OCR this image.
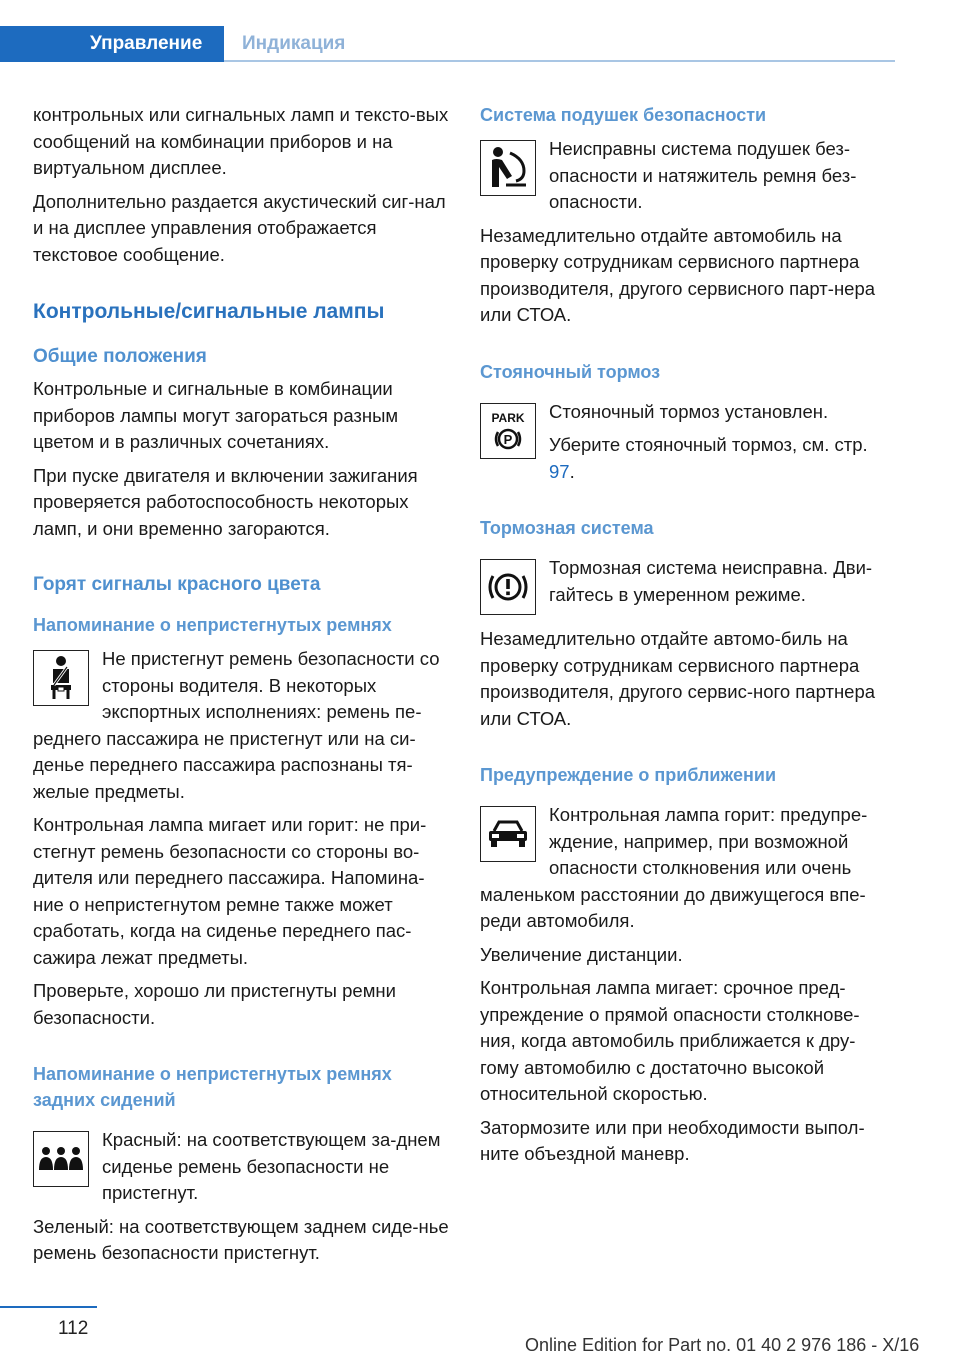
Управление	Индикация

контрольных или сигнальных ламп и тексто-вых сообщений на комбинации приборов и на виртуальном дисплее.

Дополнительно раздается акустический сиг-нал и на дисплее управления отображается текстовое сообщение.

Контрольные/сигнальные лампы
Общие положения

Контрольные и сигнальные в комбинации приборов лампы могут загораться разным цветом и в различных сочетаниях.

При пуске двигателя и включении зажигания проверяется работоспособность некоторых ламп, и они временно загораются.

Горят сигналы красного цвета
Напоминание о непристегнутых ремнях

Не пристегнут ремень безопасности со стороны водителя. В некоторых экспортных исполнениях: ремень пе-реднего пассажира не пристегнут или на си-денье переднего пассажира распознаны тя-желые предметы.

Контрольная лампа мигает или горит: не при-стегнут ремень безопасности со стороны во-дителя или переднего пассажира. Напомина-ние о непристегнутом ремне также может сработать, когда на сиденье переднего пас-сажира лежат предметы.

Проверьте, хорошо ли пристегнуты ремни безопасности.

Напоминание о непристегнутых ремнях задних сидений

Красный: на соответствующем за-днем сиденье ремень безопасности не пристегнут.

Зеленый: на соответствующем заднем сиде-нье ремень безопасности пристегнут.

Система подушек безопасности

Неисправны система подушек без-опасности и натяжитель ремня без-опасности.

Незамедлительно отдайте автомобиль на проверку сотрудникам сервисного партнера производителя, другого сервисного парт-нера или СТОА.

Стояночный тормоз
PARK
P

Стояночный тормоз установлен.

Уберите стояночный тормоз, см. стр. 97.

Тормозная система

Тормозная система неисправна. Дви-гайтесь в умеренном режиме.

Незамедлительно отдайте автомо-биль на проверку сотрудникам сервисного партнера производителя, другого сервис-ного партнера или СТОА.

Предупреждение о приближении

Контрольная лампа горит: предупре-ждение, например, при возможной опасности столкновения или очень маленьком расстоянии до движущегося впе-реди автомобиля.

Увеличение дистанции.

Контрольная лампа мигает: срочное пред-упреждение о прямой опасности столкнове-ния, когда автомобиль приближается к дру-гому автомобилю с достаточно высокой относительной скоростью.

Затормозите или при необходимости выпол-ните объездной маневр.

112
Online Edition for Part no. 01 40 2 976 186 - X/16
